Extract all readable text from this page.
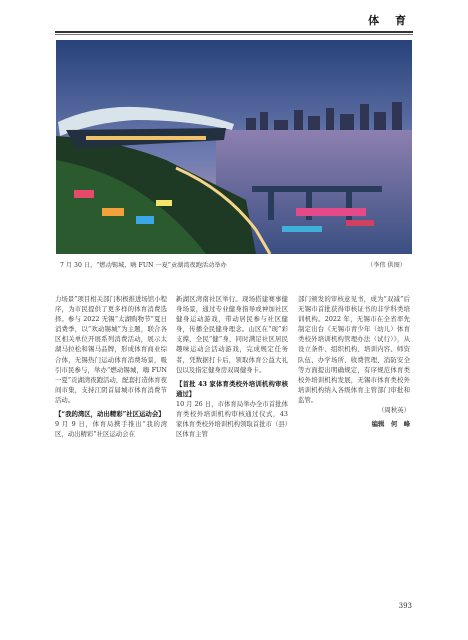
体 育
7 月 30 日，“燃动锡城，嗨 FUN 一夏”贡湖湾夜跑活动举办	（李伟 供图）

力场景”项目相关部门积极推进场馆小程序，为市民提供了更多样的体育消费选择。参与 2022 无锡“太湖购物节”夏日消费季，以“欢动锡城”为主题，联合各区相关单位开展系列消费活动，展示太湖马拉松和锡马品牌，形成体育商业综合体，无锡热门运动体育消费场景，吸引市民参与，举办“燃动锡城，嗨 FUN 一夏”贡湖湾夜跑活动，配套打造体育夜间市集，支持江阴首届城市体育消费节活动。

【“我的湾区，动出精彩”社区运动会】

9 月 9 日，体育局携手推出“我的湾区，动出精彩”社区运动会在

新湖区湾南社区举行。现场搭建赛事健身场景，通过专业健身指导或神加社区健身运动游戏，带动居民参与社区健身，传播全民健身理念。山区在“现”彩支撑，全民“健”身，同时满足社区居民趣味运动会活动游戏，完成规定任务者，凭数据打卡后，领取体育公益大礼包以及指定健身房双周健身卡。

【首批 43 家体育类校外培训机构审核通过】

10 月 26 日，市体育局举办全市首批体育类校外培训机构审核通过仪式，43 家体育类校外培训机构领取首批市（县）区体育主管

部门颁发的审核意见书，成为“双减”后无锡市首批获得审核证书的非学科类培训机构。2022 年，无锡市在全省率先制定出台《无锡市青少年（幼儿）体育类校外培训机构管理办法（试行）》，从设立条件、组织机构、培训内容、师资队伍、办学场所、收费管理、消防安全等方面提出明确规定，有序规范体育类校外培训机构发展，无锡市体育类校外培训机构纳入各级体育主管部门审批和监管。

（周秋英）

编辑　何　峰

393
